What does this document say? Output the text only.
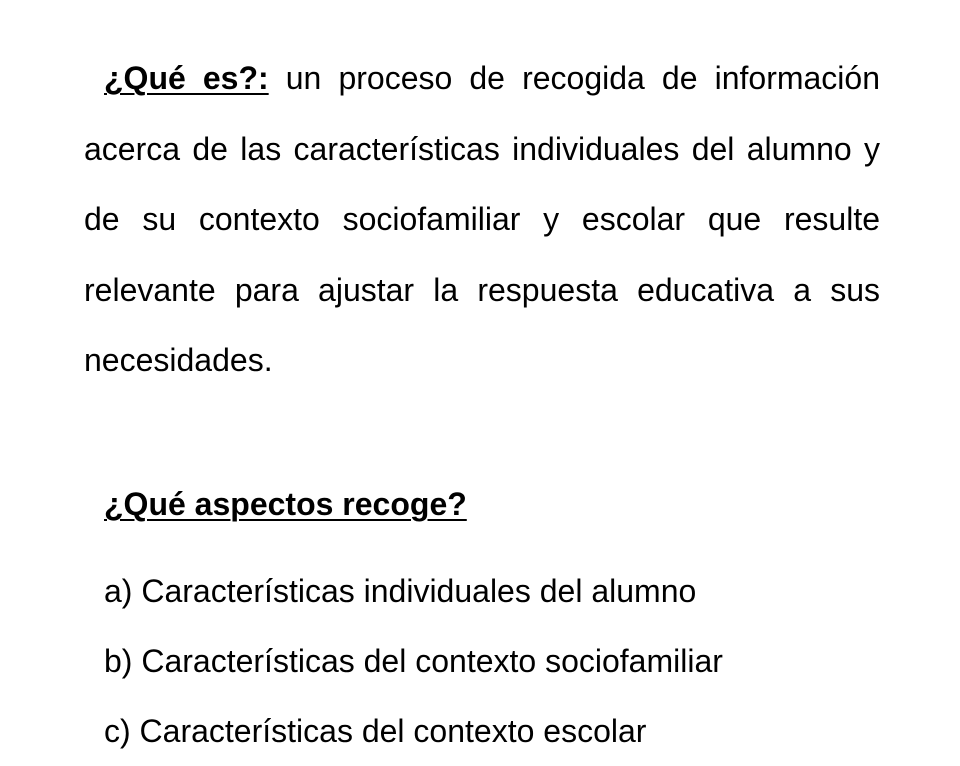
¿Qué es?: un proceso de recogida de información acerca de las características individuales del alumno y de su contexto sociofamiliar y escolar que resulte relevante para ajustar la respuesta educativa a sus necesidades.

¿Qué aspectos recoge?

a) Características individuales del alumno
b) Características del contexto sociofamiliar
c) Características del contexto escolar
